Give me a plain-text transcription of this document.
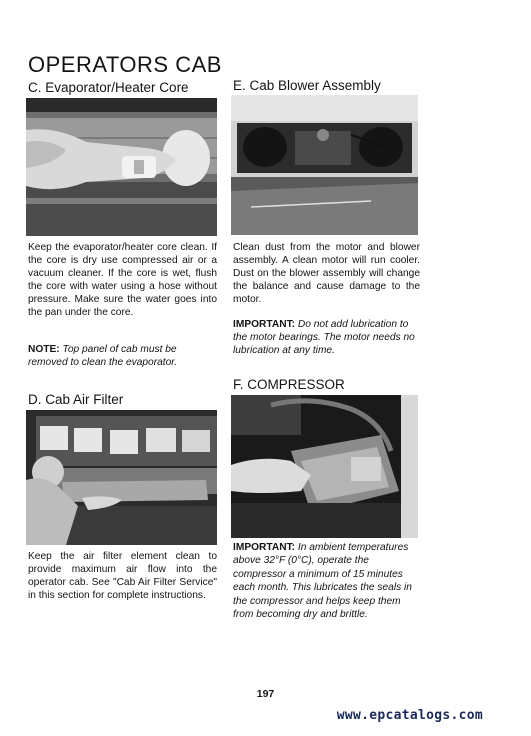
OPERATORS CAB
C. Evaporator/Heater Core

Keep the evaporator/heater core clean. If the core is dry use compressed air or a vacuum cleaner. If the core is wet, flush the core with water using a hose without pressure. Make sure the water goes into the pan under the core.

NOTE: Top panel of cab must be removed to clean the evaporator.

D. Cab Air Filter

Keep the air filter element clean to provide maximum air flow into the operator cab. See "Cab Air Filter Service" in this section for complete instructions.

E. Cab Blower Assembly

Clean dust from the motor and blower assembly. A clean motor will run cooler. Dust on the blower assembly will change the balance and cause damage to the motor.

IMPORTANT: Do not add lubrication to the motor bearings. The motor needs no lubrication at any time.

F. COMPRESSOR

IMPORTANT: In ambient temperatures above 32°F (0°C), operate the compressor a minimum of 15 minutes each month. This lubricates the seals in the compressor and helps keep them from becoming dry and brittle.

197
www.epcatalogs.com
